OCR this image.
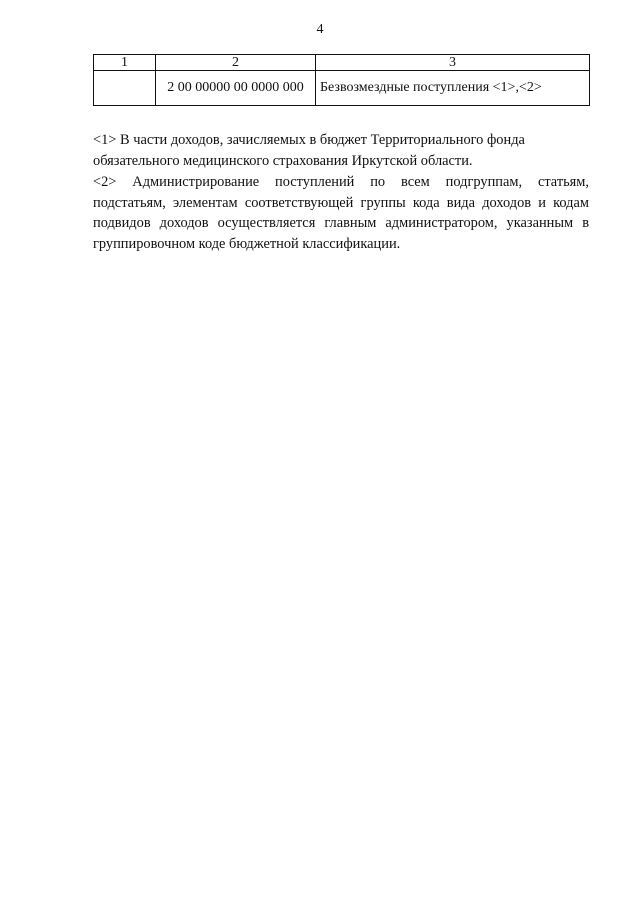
4
1	2	3
	2 00 00000 00 0000 000	Безвозмездные поступления <1>,<2>

<1> В части доходов, зачисляемых в бюджет Территориального фонда
обязательного медицинского страхования Иркутской области.

<2> Администрирование поступлений по всем подгруппам, статьям, подстатьям, элементам соответствующей группы кода вида доходов и кодам подвидов доходов осуществляется главным администратором, указанным в группировочном коде бюджетной классификации.
